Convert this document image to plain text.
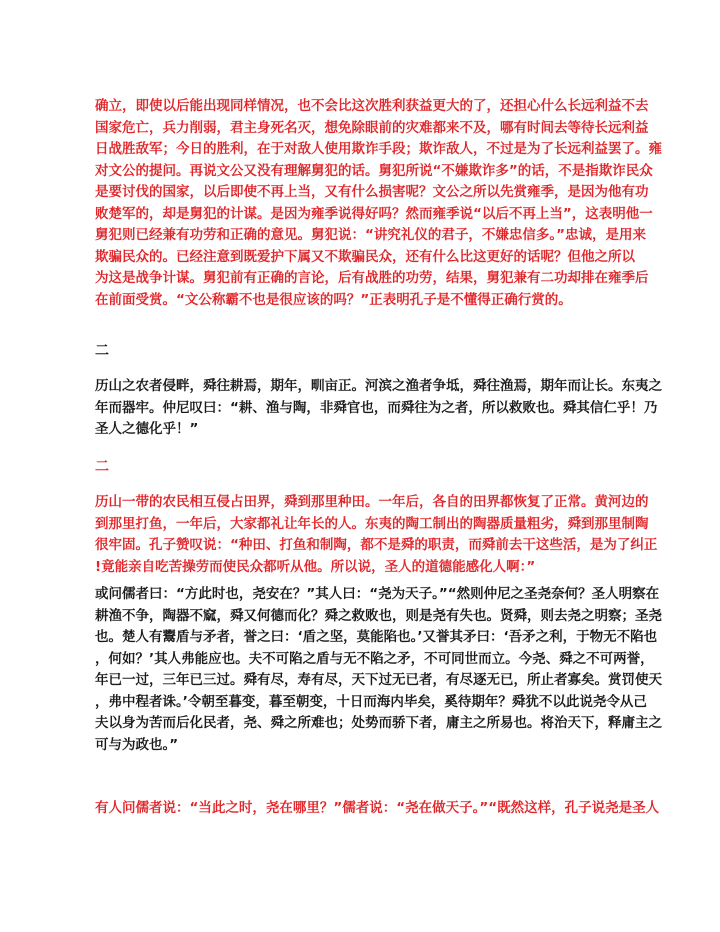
确立，即使以后能出现同样情况，也不会比这次胜利获益更大的了，还担心什么长远利益不去
国家危亡，兵力削弱，君主身死名灭，想免除眼前的灾难都来不及，哪有时间去等待长远利益
日战胜敌军；今日的胜利，在于对敌人使用欺诈手段；欺诈敌人，不过是为了长远利益罢了。雍
对文公的提问。再说文公又没有理解舅犯的话。舅犯所说“不嫌欺诈多”的话，不是指欺诈民众
是要讨伐的国家，以后即使不再上当，又有什么损害呢？文公之所以先赏雍季，是因为他有功
败楚军的，却是舅犯的计谋。是因为雍季说得好吗？然而雍季说“以后不再上当”，这表明他一
舅犯则已经兼有功劳和正确的意见。舅犯说：“讲究礼仪的君子，不嫌忠信多。”忠诚，是用来
欺骗民众的。已经注意到既爱护下属又不欺骗民众，还有什么比这更好的话呢？但他之所以
为这是战争计谋。舅犯前有正确的言论，后有战胜的功劳，结果，舅犯兼有二功却排在雍季后
在前面受赏。“文公称霸不也是很应该的吗？”正表明孔子是不懂得正确行赏的。
二
历山之农者侵畔，舜往耕焉，期年，甽亩正。河滨之渔者争坻，舜往渔焉，期年而让长。东夷之
年而器牢。仲尼叹曰：“耕、渔与陶，非舜官也，而舜往为之者，所以救败也。舜其信仁乎！乃
圣人之德化乎！”
二
历山一带的农民相互侵占田界，舜到那里种田。一年后，各自的田界都恢复了正常。黄河边的
到那里打鱼，一年后，大家都礼让年长的人。东夷的陶工制出的陶器质量粗劣，舜到那里制陶
很牢固。孔子赞叹说：“种田、打鱼和制陶，都不是舜的职责，而舜前去干这些活，是为了纠正
!竟能亲自吃苦操劳而使民众都听从他。所以说，圣人的道德能感化人啊：”
或问儒者曰：“方此时也，尧安在？”其人曰：“尧为天子。”“然则仲尼之圣尧奈何？圣人明察在
耕渔不争，陶器不窳，舜又何德而化？舜之救败也，则是尧有失也。贤舜，则去尧之明察；圣尧
也。楚人有鬻盾与矛者，誉之曰：‘盾之坚，莫能陷也。’又誉其矛曰：‘吾矛之利，于物无不陷也
，何如？’其人弗能应也。夫不可陷之盾与无不陷之矛，不可同世而立。今尧、舜之不可两誉，
年已一过，三年已三过。舜有尽，寿有尽，天下过无已者，有尽逐无已，所止者寡矣。赏罚使天
，弗中程者诛。’令朝至暮变，暮至朝变，十日而海内毕矣，奚待期年？舜犹不以此说尧令从己
夫以身为苦而后化民者，尧、舜之所难也；处势而骄下者，庸主之所易也。将治天下，释庸主之
可与为政也。”
有人问儒者说：“当此之时，尧在哪里？”儒者说：“尧在做天子。”“既然这样，孔子说尧是圣人
